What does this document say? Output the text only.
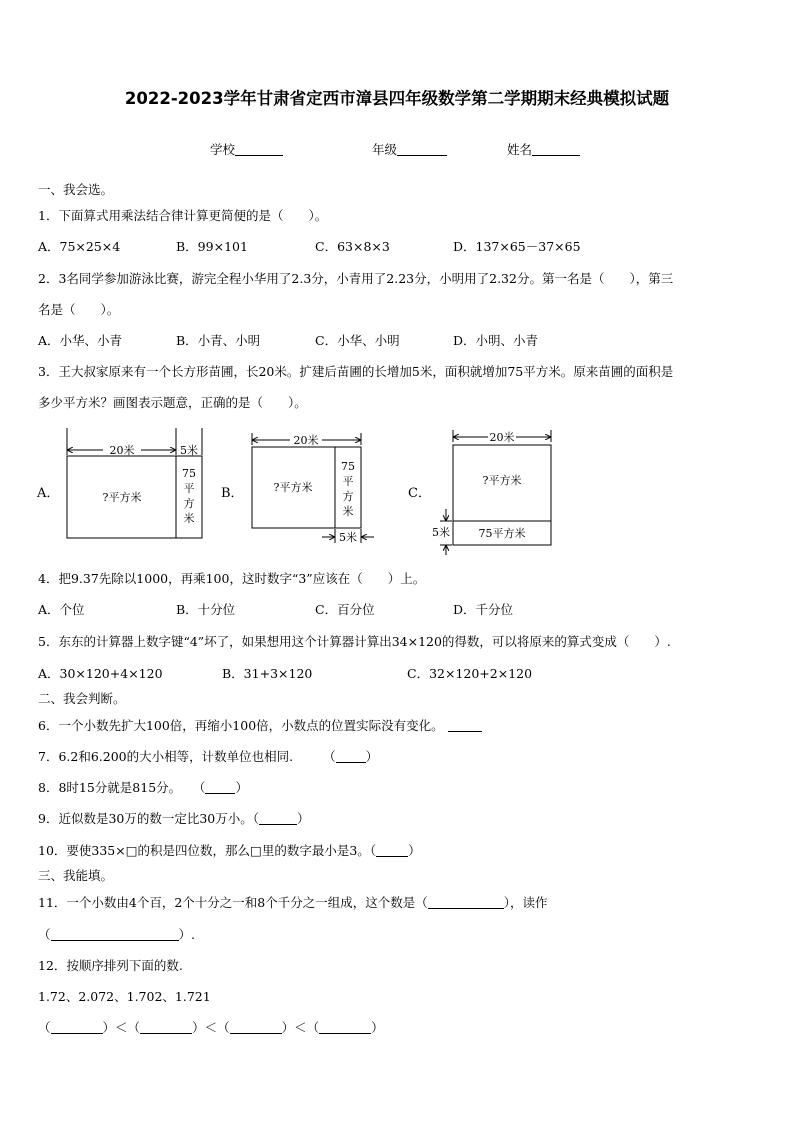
2022-2023学年甘肃省定西市漳县四年级数学第二学期期末经典模拟试题
学校	年级	姓名
一、我会选。
1．下面算式用乘法结合律计算更简便的是（　　）。
A．75×25×4	B．99×101	C．63×8×3	D．137×65－37×65
2．3名同学参加游泳比赛，游完全程小华用了2.3分，小青用了2.23分，小明用了2.32分。第一名是（　　），第三
名是（　　）。
A．小华、小青	B．小青、小明	C．小华、小明	D．小明、小青
3．王大叔家原来有一个长方形苗圃，长20米。扩建后苗圃的长增加5米，面积就增加75平方米。原来苗圃的面积是
多少平方米？画图表示题意，正确的是（　　）。
A．
20米	5米
?平方米
75
平
方
米
B．
20米
?平方米
75
平
方
米
5米
C．
20米
?平方米
75平方米
5米
4．把9.37先除以1000，再乘100，这时数字“3”应该在（　　）上。
A．个位	B．十分位	C．百分位	D．千分位
5．东东的计算器上数字键“4”坏了，如果想用这个计算器计算出34×120的得数，可以将原来的算式变成（　　）.
A．30×120+4×120	B．31+3×120	C．32×120+2×120
二、我会判断。
6．一个小数先扩大100倍，再缩小100倍，小数点的位置实际没有变化。
7．6.2和6.200的大小相等，计数单位也相同. （ ）
8．8时15分就是815分。 （ ）
9．近似数是30万的数一定比30万小。（	）
10．要使335×□的积是四位数，那么□里的数字最小是3。（	）
三、我能填。
11．一个小数由4个百，2个十分之一和8个千分之一组成，这个数是（	），读作
（	）.
12．按顺序排列下面的数.
1.72、2.072、1.702、1.721
（	）＜（	）＜（	）＜（	）
